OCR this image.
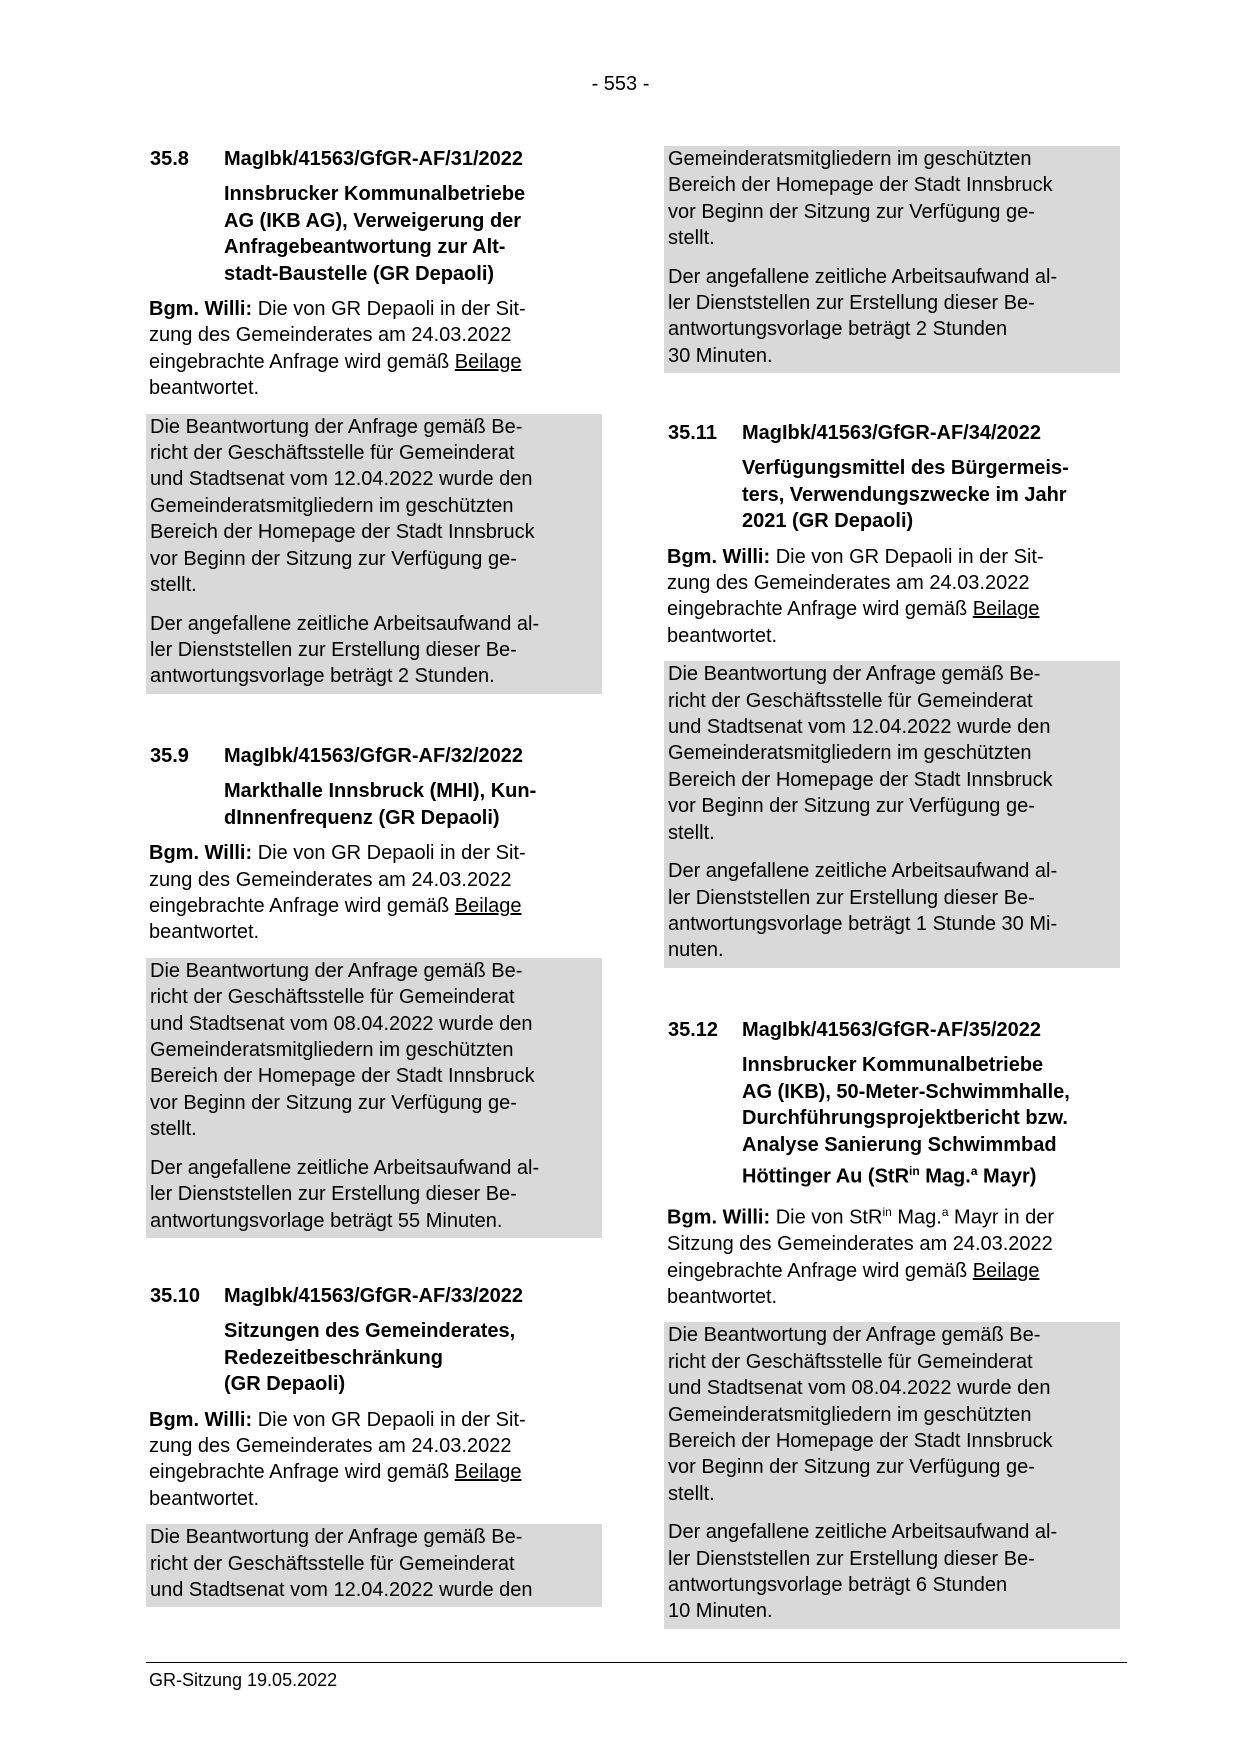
- 553 -
35.8 MagIbk/41563/GfGR-AF/31/2022
Innsbrucker Kommunalbetriebe
AG (IKB AG), Verweigerung der
Anfragebeantwortung zur Alt-
stadt-Baustelle (GR Depaoli)
Bgm. Willi: Die von GR Depaoli in der Sit-
zung des Gemeinderates am 24.03.2022
eingebrachte Anfrage wird gemäß Beilage
beantwortet.
Die Beantwortung der Anfrage gemäß Be-
richt der Geschäftsstelle für Gemeinderat
und Stadtsenat vom 12.04.2022 wurde den
Gemeinderatsmitgliedern im geschützten
Bereich der Homepage der Stadt Innsbruck
vor Beginn der Sitzung zur Verfügung ge-
stellt.
Der angefallene zeitliche Arbeitsaufwand al-
ler Dienststellen zur Erstellung dieser Be-
antwortungsvorlage beträgt 2 Stunden.
35.9 MagIbk/41563/GfGR-AF/32/2022
Markthalle Innsbruck (MHI), Kun-
dInnenfrequenz (GR Depaoli)
Bgm. Willi: Die von GR Depaoli in der Sit-
zung des Gemeinderates am 24.03.2022
eingebrachte Anfrage wird gemäß Beilage
beantwortet.
Die Beantwortung der Anfrage gemäß Be-
richt der Geschäftsstelle für Gemeinderat
und Stadtsenat vom 08.04.2022 wurde den
Gemeinderatsmitgliedern im geschützten
Bereich der Homepage der Stadt Innsbruck
vor Beginn der Sitzung zur Verfügung ge-
stellt.
Der angefallene zeitliche Arbeitsaufwand al-
ler Dienststellen zur Erstellung dieser Be-
antwortungsvorlage beträgt 55 Minuten.
35.10 MagIbk/41563/GfGR-AF/33/2022
Sitzungen des Gemeinderates,
Redezeitbeschränkung
(GR Depaoli)
Bgm. Willi: Die von GR Depaoli in der Sit-
zung des Gemeinderates am 24.03.2022
eingebrachte Anfrage wird gemäß Beilage
beantwortet.
Die Beantwortung der Anfrage gemäß Be-
richt der Geschäftsstelle für Gemeinderat
und Stadtsenat vom 12.04.2022 wurde den
Gemeinderatsmitgliedern im geschützten
Bereich der Homepage der Stadt Innsbruck
vor Beginn der Sitzung zur Verfügung ge-
stellt.
Der angefallene zeitliche Arbeitsaufwand al-
ler Dienststellen zur Erstellung dieser Be-
antwortungsvorlage beträgt 2 Stunden
30 Minuten.
35.11 MagIbk/41563/GfGR-AF/34/2022
Verfügungsmittel des Bürgermeis-
ters, Verwendungszwecke im Jahr
2021 (GR Depaoli)
Bgm. Willi: Die von GR Depaoli in der Sit-
zung des Gemeinderates am 24.03.2022
eingebrachte Anfrage wird gemäß Beilage
beantwortet.
Die Beantwortung der Anfrage gemäß Be-
richt der Geschäftsstelle für Gemeinderat
und Stadtsenat vom 12.04.2022 wurde den
Gemeinderatsmitgliedern im geschützten
Bereich der Homepage der Stadt Innsbruck
vor Beginn der Sitzung zur Verfügung ge-
stellt.
Der angefallene zeitliche Arbeitsaufwand al-
ler Dienststellen zur Erstellung dieser Be-
antwortungsvorlage beträgt 1 Stunde 30 Mi-
nuten.
35.12 MagIbk/41563/GfGR-AF/35/2022
Innsbrucker Kommunalbetriebe
AG (IKB), 50-Meter-Schwimmhalle,
Durchführungsprojektbericht bzw.
Analyse Sanierung Schwimmbad
Höttinger Au (StR$^{in}$ Mag.$^a$ Mayr)
Bgm. Willi: Die von StR$^{in}$ Mag.$^a$ Mayr in der
Sitzung des Gemeinderates am 24.03.2022
eingebrachte Anfrage wird gemäß Beilage
beantwortet.
Die Beantwortung der Anfrage gemäß Be-
richt der Geschäftsstelle für Gemeinderat
und Stadtsenat vom 08.04.2022 wurde den
Gemeinderatsmitgliedern im geschützten
Bereich der Homepage der Stadt Innsbruck
vor Beginn der Sitzung zur Verfügung ge-
stellt.
Der angefallene zeitliche Arbeitsaufwand al-
ler Dienststellen zur Erstellung dieser Be-
antwortungsvorlage beträgt 6 Stunden
10 Minuten.
GR-Sitzung 19.05.2022
